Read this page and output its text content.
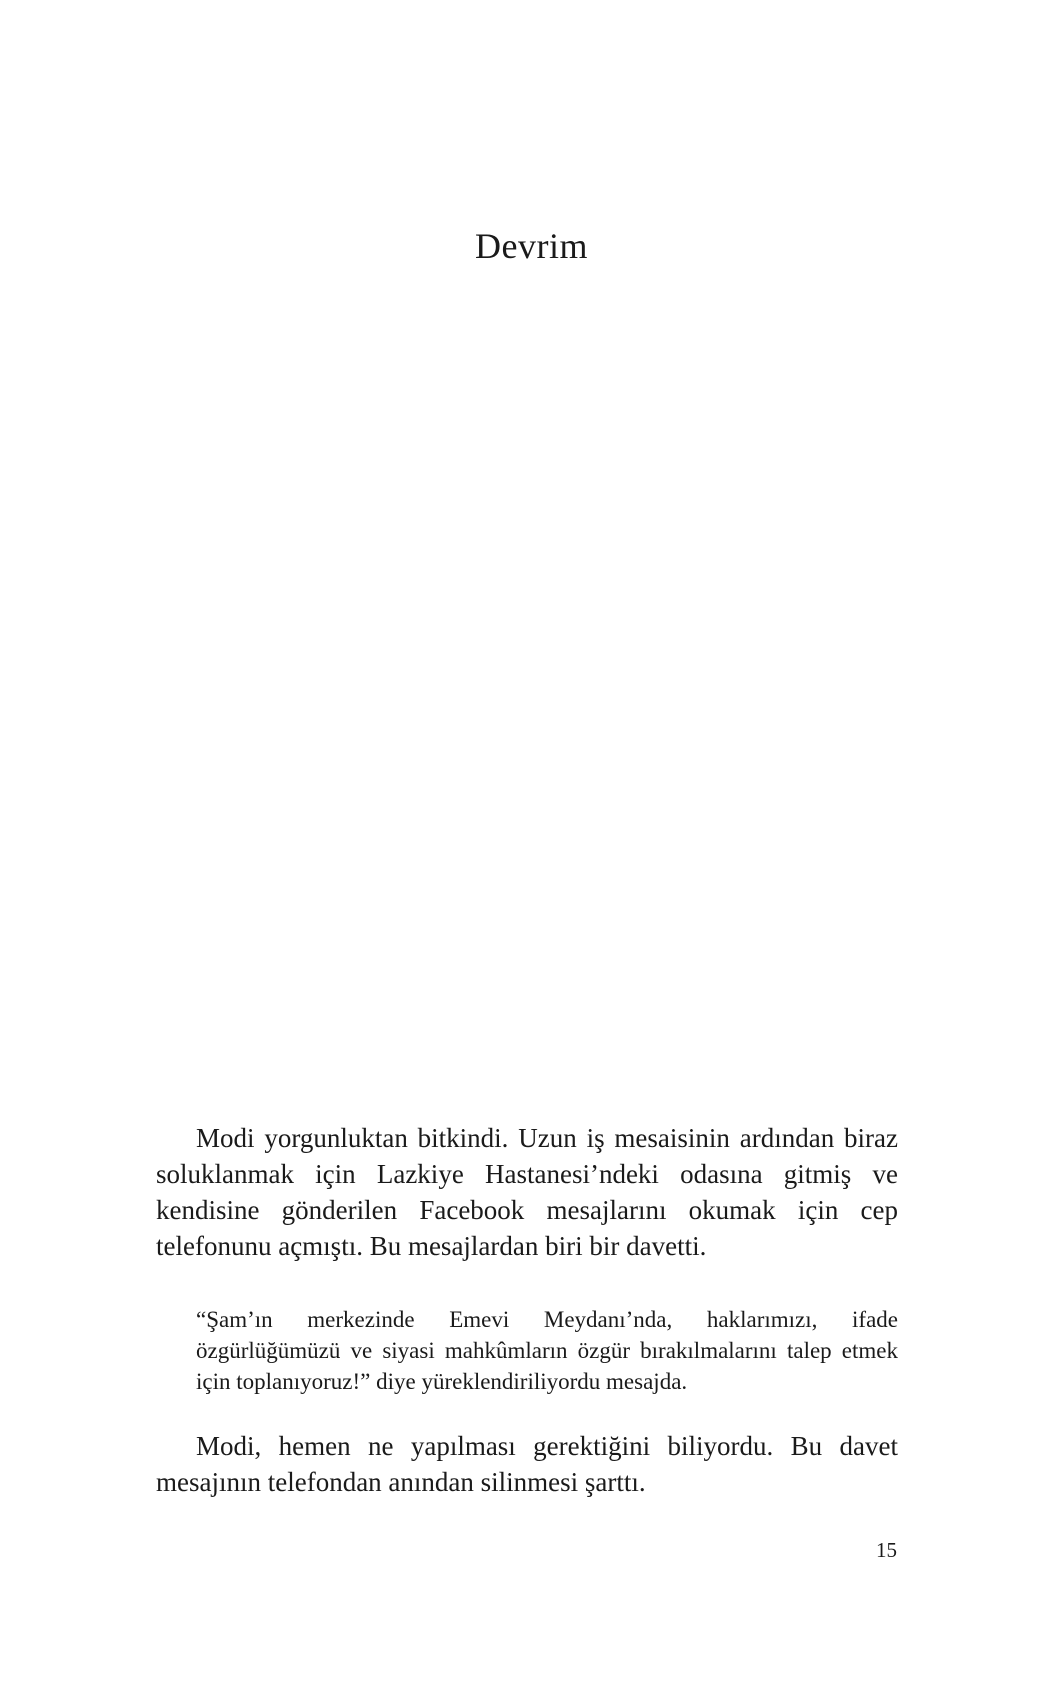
Devrim

Modi yorgunluktan bitkindi. Uzun iş mesaisinin ardından biraz soluklanmak için Lazkiye Hastanesi’ndeki odasına gitmiş ve kendisine gönderilen Facebook mesajlarını okumak için cep telefonunu açmıştı. Bu mesajlardan biri bir davetti.

“Şam’ın merkezinde Emevi Meydanı’nda, haklarımızı, ifade özgürlüğümüzü ve siyasi mahkûmların özgür bırakılmalarını talep etmek için toplanıyoruz!” diye yüreklendiriliyordu mesajda.

Modi, hemen ne yapılması gerektiğini biliyordu. Bu davet mesajının telefondan anından silinmesi şarttı.

15
